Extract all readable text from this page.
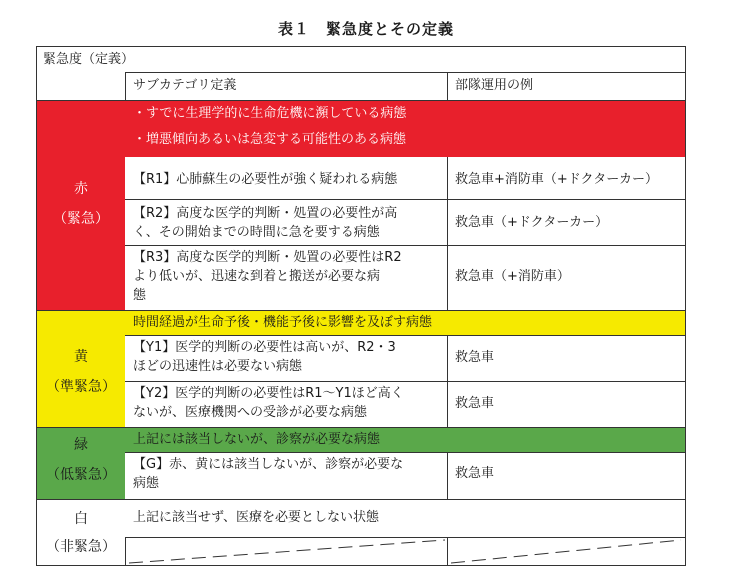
表１　緊急度とその定義
緊急度（定義）
サブカテゴリ定義	部隊運用の例
・すでに生理学的に生命危機に瀕している病態
・増悪傾向あるいは急変する可能性のある病態
赤
（緊急）
【R1】心肺蘇生の必要性が強く疑われる病態	救急車+消防車（+ドクターカー）
【R2】高度な医学的判断・処置の必要性が高
く、その開始までの時間に急を要する病態
救急車（+ドクターカー）
【R3】高度な医学的判断・処置の必要性はR2
より低いが、迅速な到着と搬送が必要な病
態
救急車（+消防車）
時間経過が生命予後・機能予後に影響を及ぼす病態
黄
（準緊急）
【Y1】医学的判断の必要性は高いが、R2・3
ほどの迅速性は必要ない病態
救急車
【Y2】医学的判断の必要性はR1～Y1ほど高く
ないが、医療機関への受診が必要な病態
救急車
上記には該当しないが、診察が必要な病態
緑
（低緊急）
【G】赤、黄には該当しないが、診察が必要な
病態
救急車
白
（非緊急）
上記に該当せず、医療を必要としない状態
